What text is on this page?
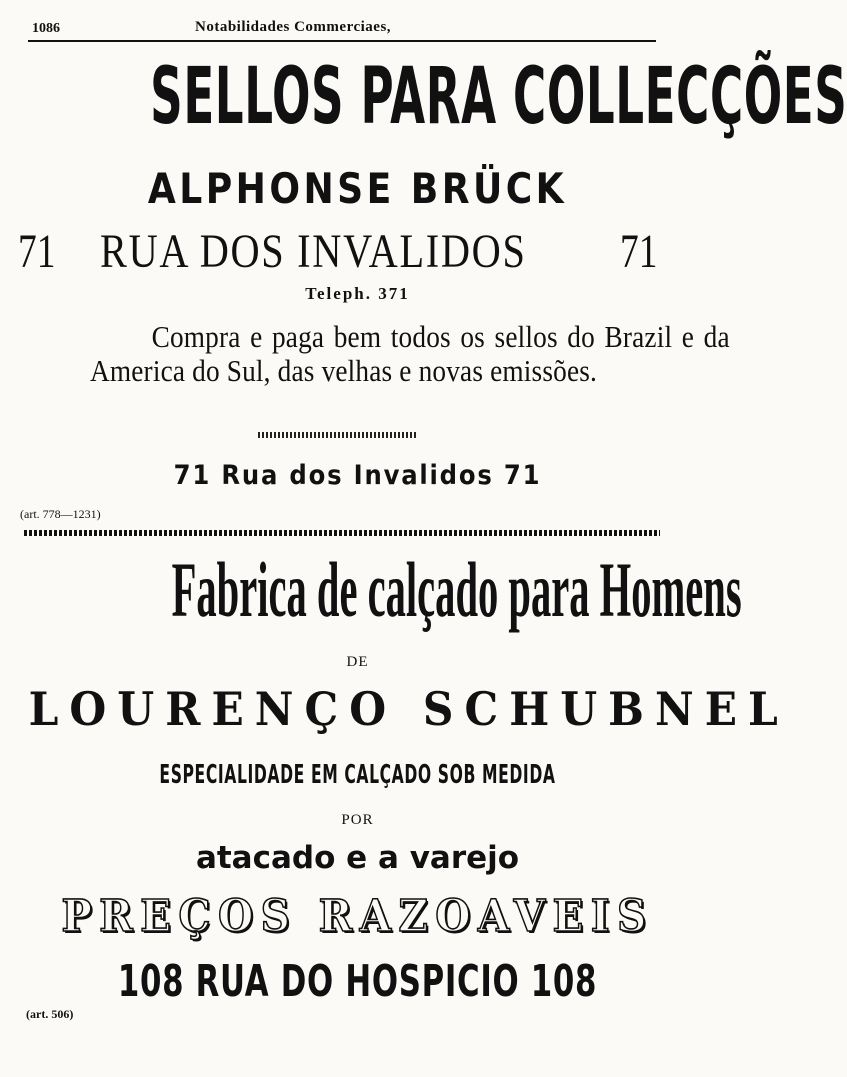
1086	Notabilidades Commerciaes,
SELLOS PARA COLLECÇÕES
ALPHONSE BRÜCK
71 RUA DOS INVALIDOS 71
Teleph. 371

Compra e paga bem todos os sellos do Brazil e da America do Sul, das velhas e novas emissões.

71 Rua dos Invalidos 71
(art. 778—1231)
Fabrica de calçado para Homens
DE
LOURENÇO SCHUBNEL
ESPECIALIDADE EM CALÇADO SOB MEDIDA
POR
atacado e a varejo
PREÇOS RAZOAVEIS
108 RUA DO HOSPICIO 108
(art. 506)
